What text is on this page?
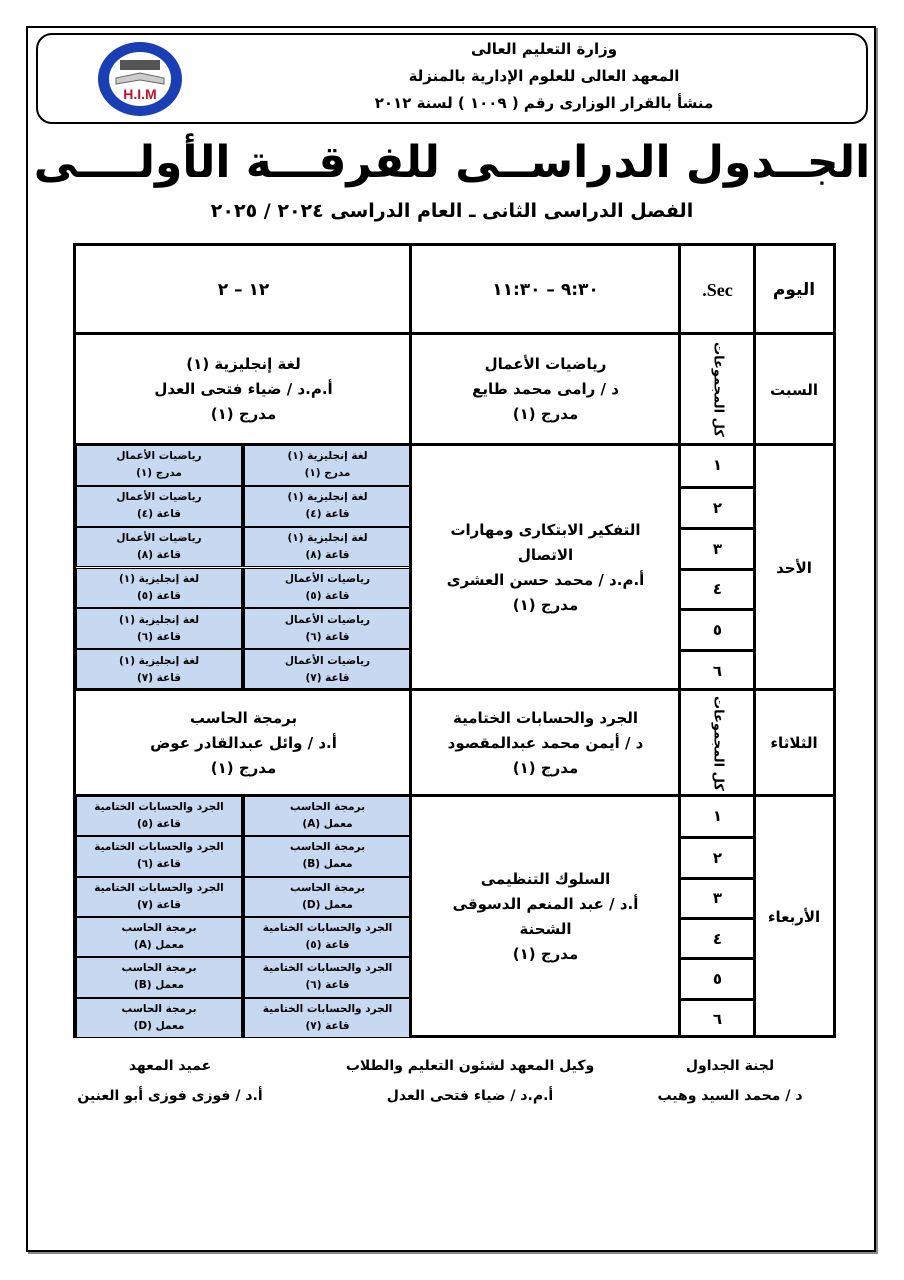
H.I.M
وزارة التعليم العالى
المعهد العالى للعلوم الإدارية بالمنزلة
منشأ بالقرار الوزارى رقم ( ١٠٠٩ ) لسنة ٢٠١٢
الجــدول الدراســى للفرقـــة الأولــــى
الفصل الدراسى الثانى ـ العام الدراسى ٢٠٢٤ / ٢٠٢٥
اليوم
Sec.
٩:٣٠ – ١١:٣٠
١٢ – ٢
السبت
كل المجموعات
رياضيات الأعمال
د / رامى محمد طايع
مدرج (١)
لغة إنجليزية (١)
أ.م.د / ضياء فتحى العدل
مدرج (١)
الأحد
١
٢
٣
٤
٥
٦
التفكير الابتكارى ومهارات
الاتصال
أ.م.د / محمد حسن العشرى
مدرج (١)
رياضيات الأعمال
مدرج (١)
لغة إنجليزية (١)
مدرج (١)
رياضيات الأعمال
قاعة (٤)
لغة إنجليزية (١)
قاعة (٤)
رياضيات الأعمال
قاعة (٨)
لغة إنجليزية (١)
قاعة (٨)
لغة إنجليزية (١)
قاعة (٥)
رياضيات الأعمال
قاعة (٥)
لغة إنجليزية (١)
قاعة (٦)
رياضيات الأعمال
قاعة (٦)
لغة إنجليزية (١)
قاعة (٧)
رياضيات الأعمال
قاعة (٧)
الثلاثاء
كل المجموعات
الجرد والحسابات الختامية
د / أيمن محمد عبدالمقصود
مدرج (١)
برمجة الحاسب
أ.د / وائل عبدالقادر عوض
مدرج (١)
الأربعاء
١
٢
٣
٤
٥
٦
السلوك التنظيمى
أ.د / عبد المنعم الدسوقى
الشحنة
مدرج (١)
الجرد والحسابات الختامية
قاعة (٥)
برمجة الحاسب
معمل (A)
الجرد والحسابات الختامية
قاعة (٦)
برمجة الحاسب
معمل (B)
الجرد والحسابات الختامية
قاعة (٧)
برمجة الحاسب
معمل (D)
برمجة الحاسب
معمل (A)
الجرد والحسابات الختامية
قاعة (٥)
برمجة الحاسب
معمل (B)
الجرد والحسابات الختامية
قاعة (٦)
برمجة الحاسب
معمل (D)
الجرد والحسابات الختامية
قاعة (٧)
لجنة الجداول
د / محمد السيد وهيب
وكيل المعهد لشئون التعليم والطلاب
أ.م.د / ضياء فتحى العدل
عميد المعهد
أ.د / فوزى فوزى أبو العنين
